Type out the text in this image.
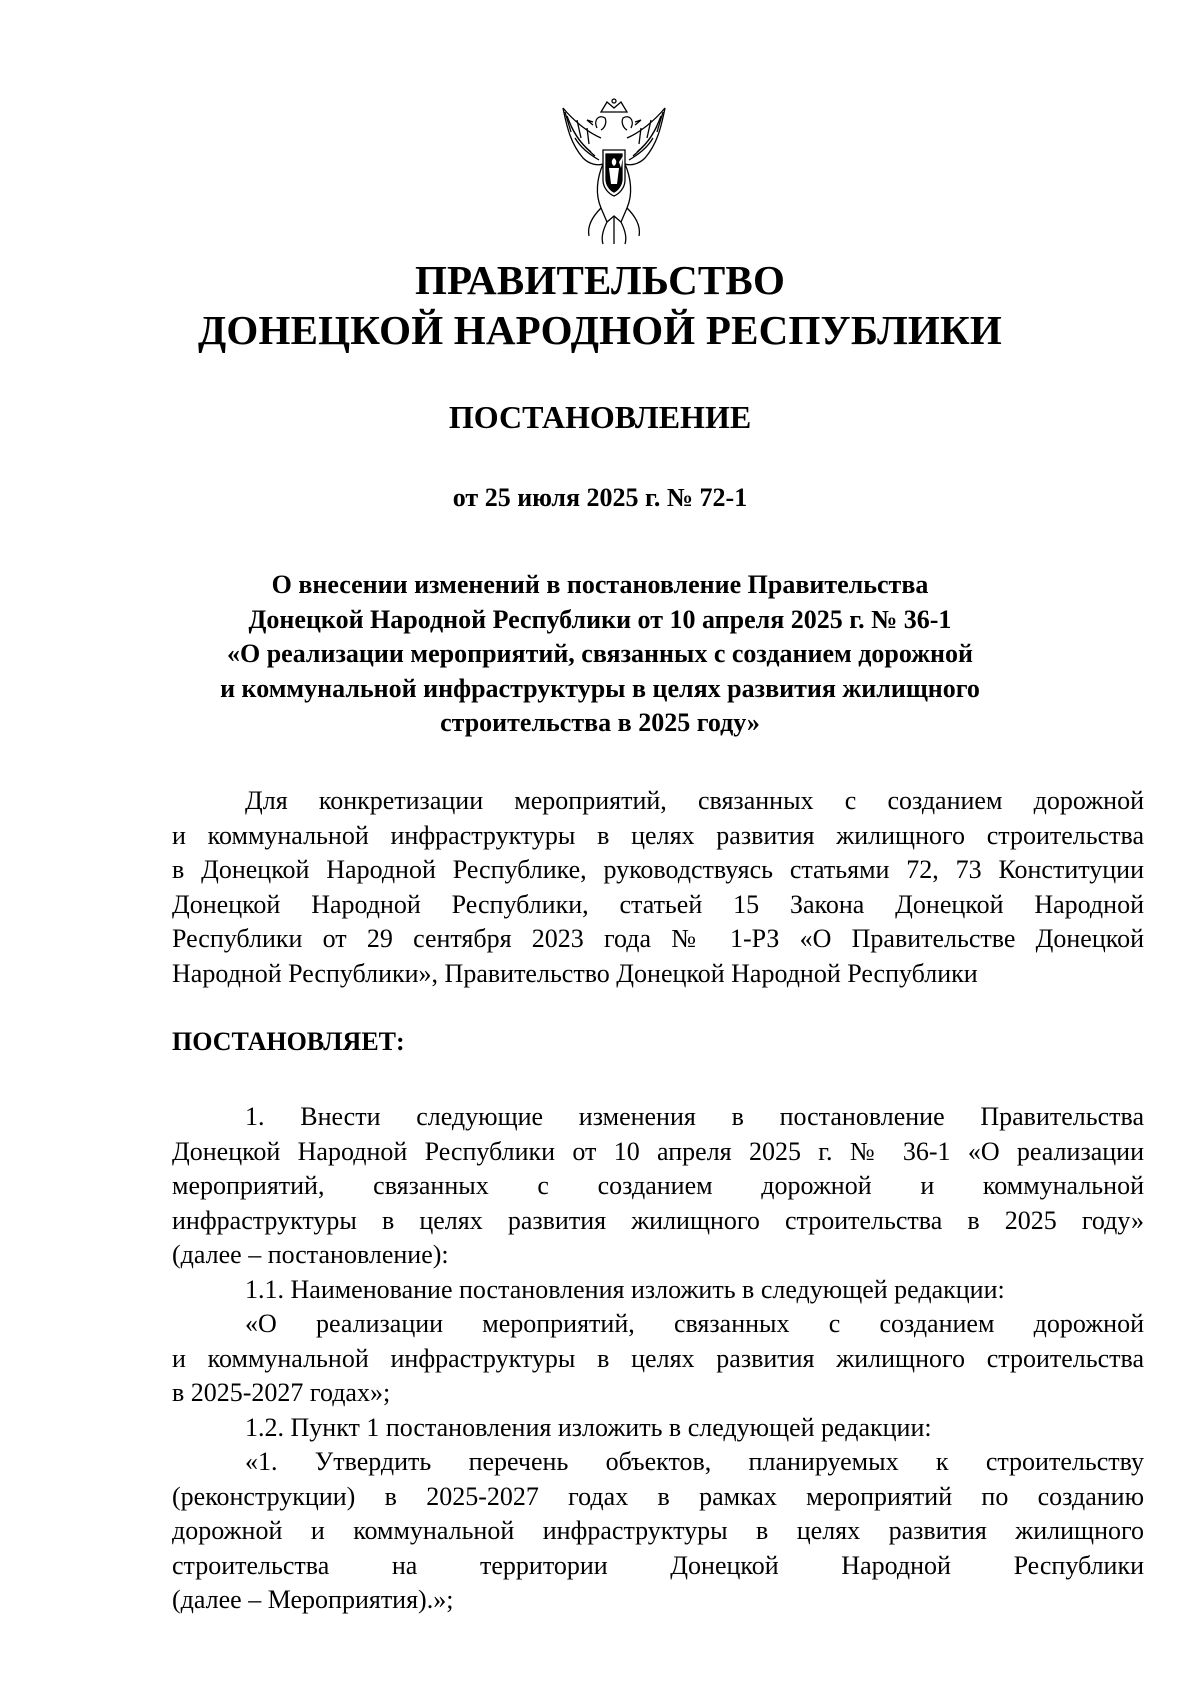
ПРАВИТЕЛЬСТВО
ДОНЕЦКОЙ НАРОДНОЙ РЕСПУБЛИКИ
ПОСТАНОВЛЕНИЕ
от 25 июля 2025 г. № 72-1
О внесении изменений в постановление Правительства
Донецкой Народной Республики от 10 апреля 2025 г. № 36-1
«О реализации мероприятий, связанных с созданием дорожной
и коммунальной инфраструктуры в целях развития жилищного
строительства в 2025 году»
Для конкретизации мероприятий, связанных с созданием дорожной
и коммунальной инфраструктуры в целях развития жилищного строительства
в Донецкой Народной Республике, руководствуясь статьями 72, 73 Конституции
Донецкой Народной Республики, статьей 15 Закона Донецкой Народной
Республики от 29 сентября 2023 года № 1-РЗ «О Правительстве Донецкой
Народной Республики», Правительство Донецкой Народной Республики
ПОСТАНОВЛЯЕТ:
1. Внести следующие изменения в постановление Правительства
Донецкой Народной Республики от 10 апреля 2025 г. № 36-1 «О реализации
мероприятий, связанных с созданием дорожной и коммунальной
инфраструктуры в целях развития жилищного строительства в 2025 году»
(далее – постановление):
1.1. Наименование постановления изложить в следующей редакции:
«О реализации мероприятий, связанных с созданием дорожной
и коммунальной инфраструктуры в целях развития жилищного строительства
в 2025-2027 годах»;
1.2. Пункт 1 постановления изложить в следующей редакции:
«1. Утвердить перечень объектов, планируемых к строительству
(реконструкции) в 2025-2027 годах в рамках мероприятий по созданию
дорожной и коммунальной инфраструктуры в целях развития жилищного
строительства на территории Донецкой Народной Республики
(далее – Мероприятия).»;
